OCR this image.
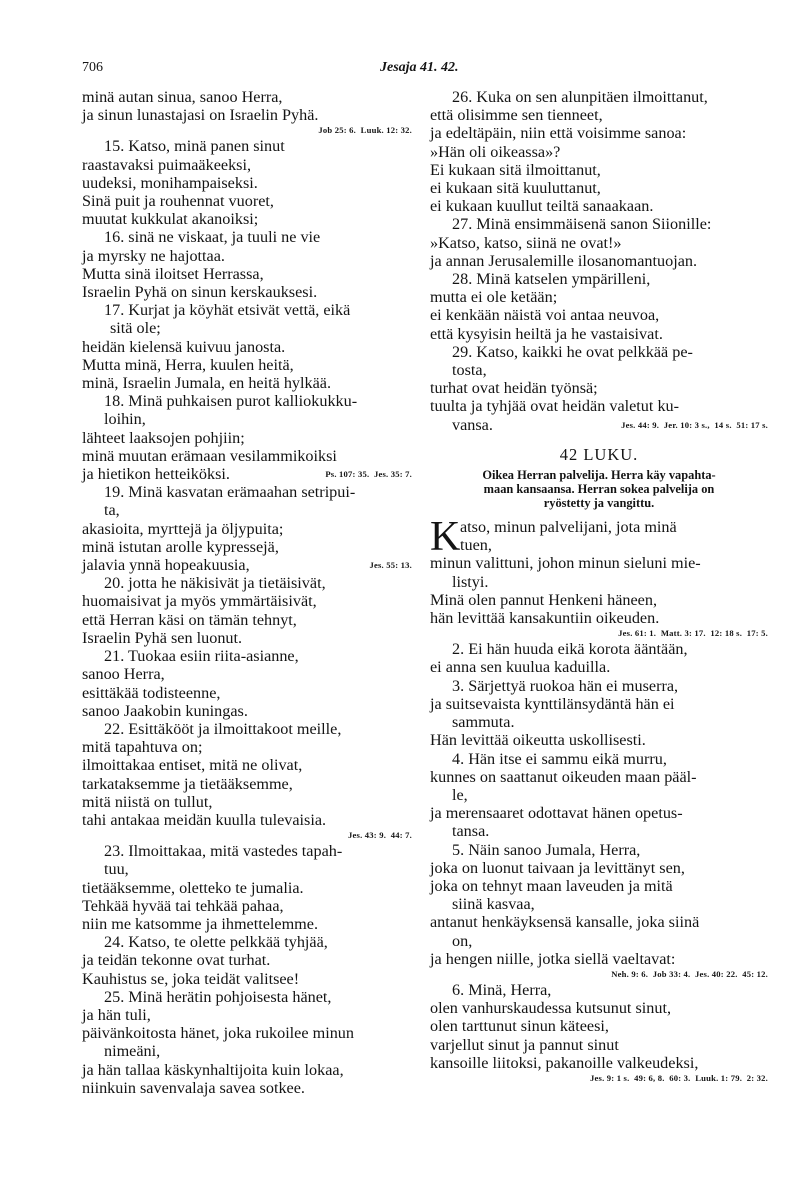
706	Jesaja 41. 42.
minä autan sinua, sanoo Herra,
ja sinun lunastajasi on Israelin Pyhä.
Job 25: 6.  Luuk. 12: 32.
15. Katso, minä panen sinut
raastavaksi puimaäkeeksi,
uudeksi, monihampaiseksi.
Sinä puit ja rouhennat vuoret,
muutat kukkulat akanoiksi;
16. sinä ne viskaat, ja tuuli ne vie
ja myrsky ne hajottaa.
Mutta sinä iloitset Herrassa,
Israelin Pyhä on sinun kerskauksesi.
17. Kurjat ja köyhät etsivät vettä, eikä
sitä ole;
heidän kielensä kuivuu janosta.
Mutta minä, Herra, kuulen heitä,
minä, Israelin Jumala, en heitä hylkää.
18. Minä puhkaisen purot kalliokukku-
loihin,
lähteet laaksojen pohjiin;
minä muutan erämaan vesilammikoiksi
ja hietikon hetteiköksi.	Ps. 107: 35.  Jes. 35: 7.
19. Minä kasvatan erämaahan setripui-
ta,
akasioita, myrttejä ja öljypuita;
minä istutan arolle kypressejä,
jalavia ynnä hopeakuusia,	Jes. 55: 13.
20. jotta he näkisivät ja tietäisivät,
huomaisivat ja myös ymmärtäisivät,
että Herran käsi on tämän tehnyt,
Israelin Pyhä sen luonut.
21. Tuokaa esiin riita-asianne,
sanoo Herra,
esittäkää todisteenne,
sanoo Jaakobin kuningas.
22. Esittäkööt ja ilmoittakoot meille,
mitä tapahtuva on;
ilmoittakaa entiset, mitä ne olivat,
tarkataksemme ja tietääksemme,
mitä niistä on tullut,
tahi antakaa meidän kuulla tulevaisia.
Jes. 43: 9.  44: 7.
23. Ilmoittakaa, mitä vastedes tapah-
tuu,
tietääksemme, oletteko te jumalia.
Tehkää hyvää tai tehkää pahaa,
niin me katsomme ja ihmettelemme.
24. Katso, te olette pelkkää tyhjää,
ja teidän tekonne ovat turhat.
Kauhistus se, joka teidät valitsee!
25. Minä herätin pohjoisesta hänet,
ja hän tuli,
päivänkoitosta hänet, joka rukoilee minun
nimeäni,
ja hän tallaa käskynhaltijoita kuin lokaa,
niinkuin savenvalaja savea sotkee.
26. Kuka on sen alunpitäen ilmoittanut,
että olisimme sen tienneet,
ja edeltäpäin, niin että voisimme sanoa:
»Hän oli oikeassa»?
Ei kukaan sitä ilmoittanut,
ei kukaan sitä kuuluttanut,
ei kukaan kuullut teiltä sanaakaan.
27. Minä ensimmäisenä sanon Siionille:
»Katso, katso, siinä ne ovat!»
ja annan Jerusalemille ilosanomantuojan.
28. Minä katselen ympärilleni,
mutta ei ole ketään;
ei kenkään näistä voi antaa neuvoa,
että kysyisin heiltä ja he vastaisivat.
29. Katso, kaikki he ovat pelkkää pe-
tosta,
turhat ovat heidän työnsä;
tuulta ja tyhjää ovat heidän valetut ku-
vansa.	Jes. 44: 9.  Jer. 10: 3 s.,  14 s.  51: 17 s.
42 LUKU.
Oikea Herran palvelija. Herra käy vapahta-
maan kansaansa. Herran sokea palvelija on
ryöstetty ja vangittu.
K atso, minun palvelijani, jota minä
tuen,
minun valittuni, johon minun sieluni mie-
listyi.
Minä olen pannut Henkeni häneen,
hän levittää kansakuntiin oikeuden.
Jes. 61: 1.  Matt. 3: 17.  12: 18 s.  17: 5.
2. Ei hän huuda eikä korota ääntään,
ei anna sen kuulua kaduilla.
3. Särjettyä ruokoa hän ei muserra,
ja suitsevaista kynttilänsydäntä hän ei
sammuta.
Hän levittää oikeutta uskollisesti.
4. Hän itse ei sammu eikä murru,
kunnes on saattanut oikeuden maan pääl-
le,
ja merensaaret odottavat hänen opetus-
tansa.
5. Näin sanoo Jumala, Herra,
joka on luonut taivaan ja levittänyt sen,
joka on tehnyt maan laveuden ja mitä
siinä kasvaa,
antanut henkäyksensä kansalle, joka siinä
on,
ja hengen niille, jotka siellä vaeltavat:
Neh. 9: 6.  Job 33: 4.  Jes. 40: 22.  45: 12.
6. Minä, Herra,
olen vanhurskaudessa kutsunut sinut,
olen tarttunut sinun käteesi,
varjellut sinut ja pannut sinut
kansoille liitoksi, pakanoille valkeudeksi,
Jes. 9: 1 s.  49: 6, 8.  60: 3.  Luuk. 1: 79.  2: 32.
